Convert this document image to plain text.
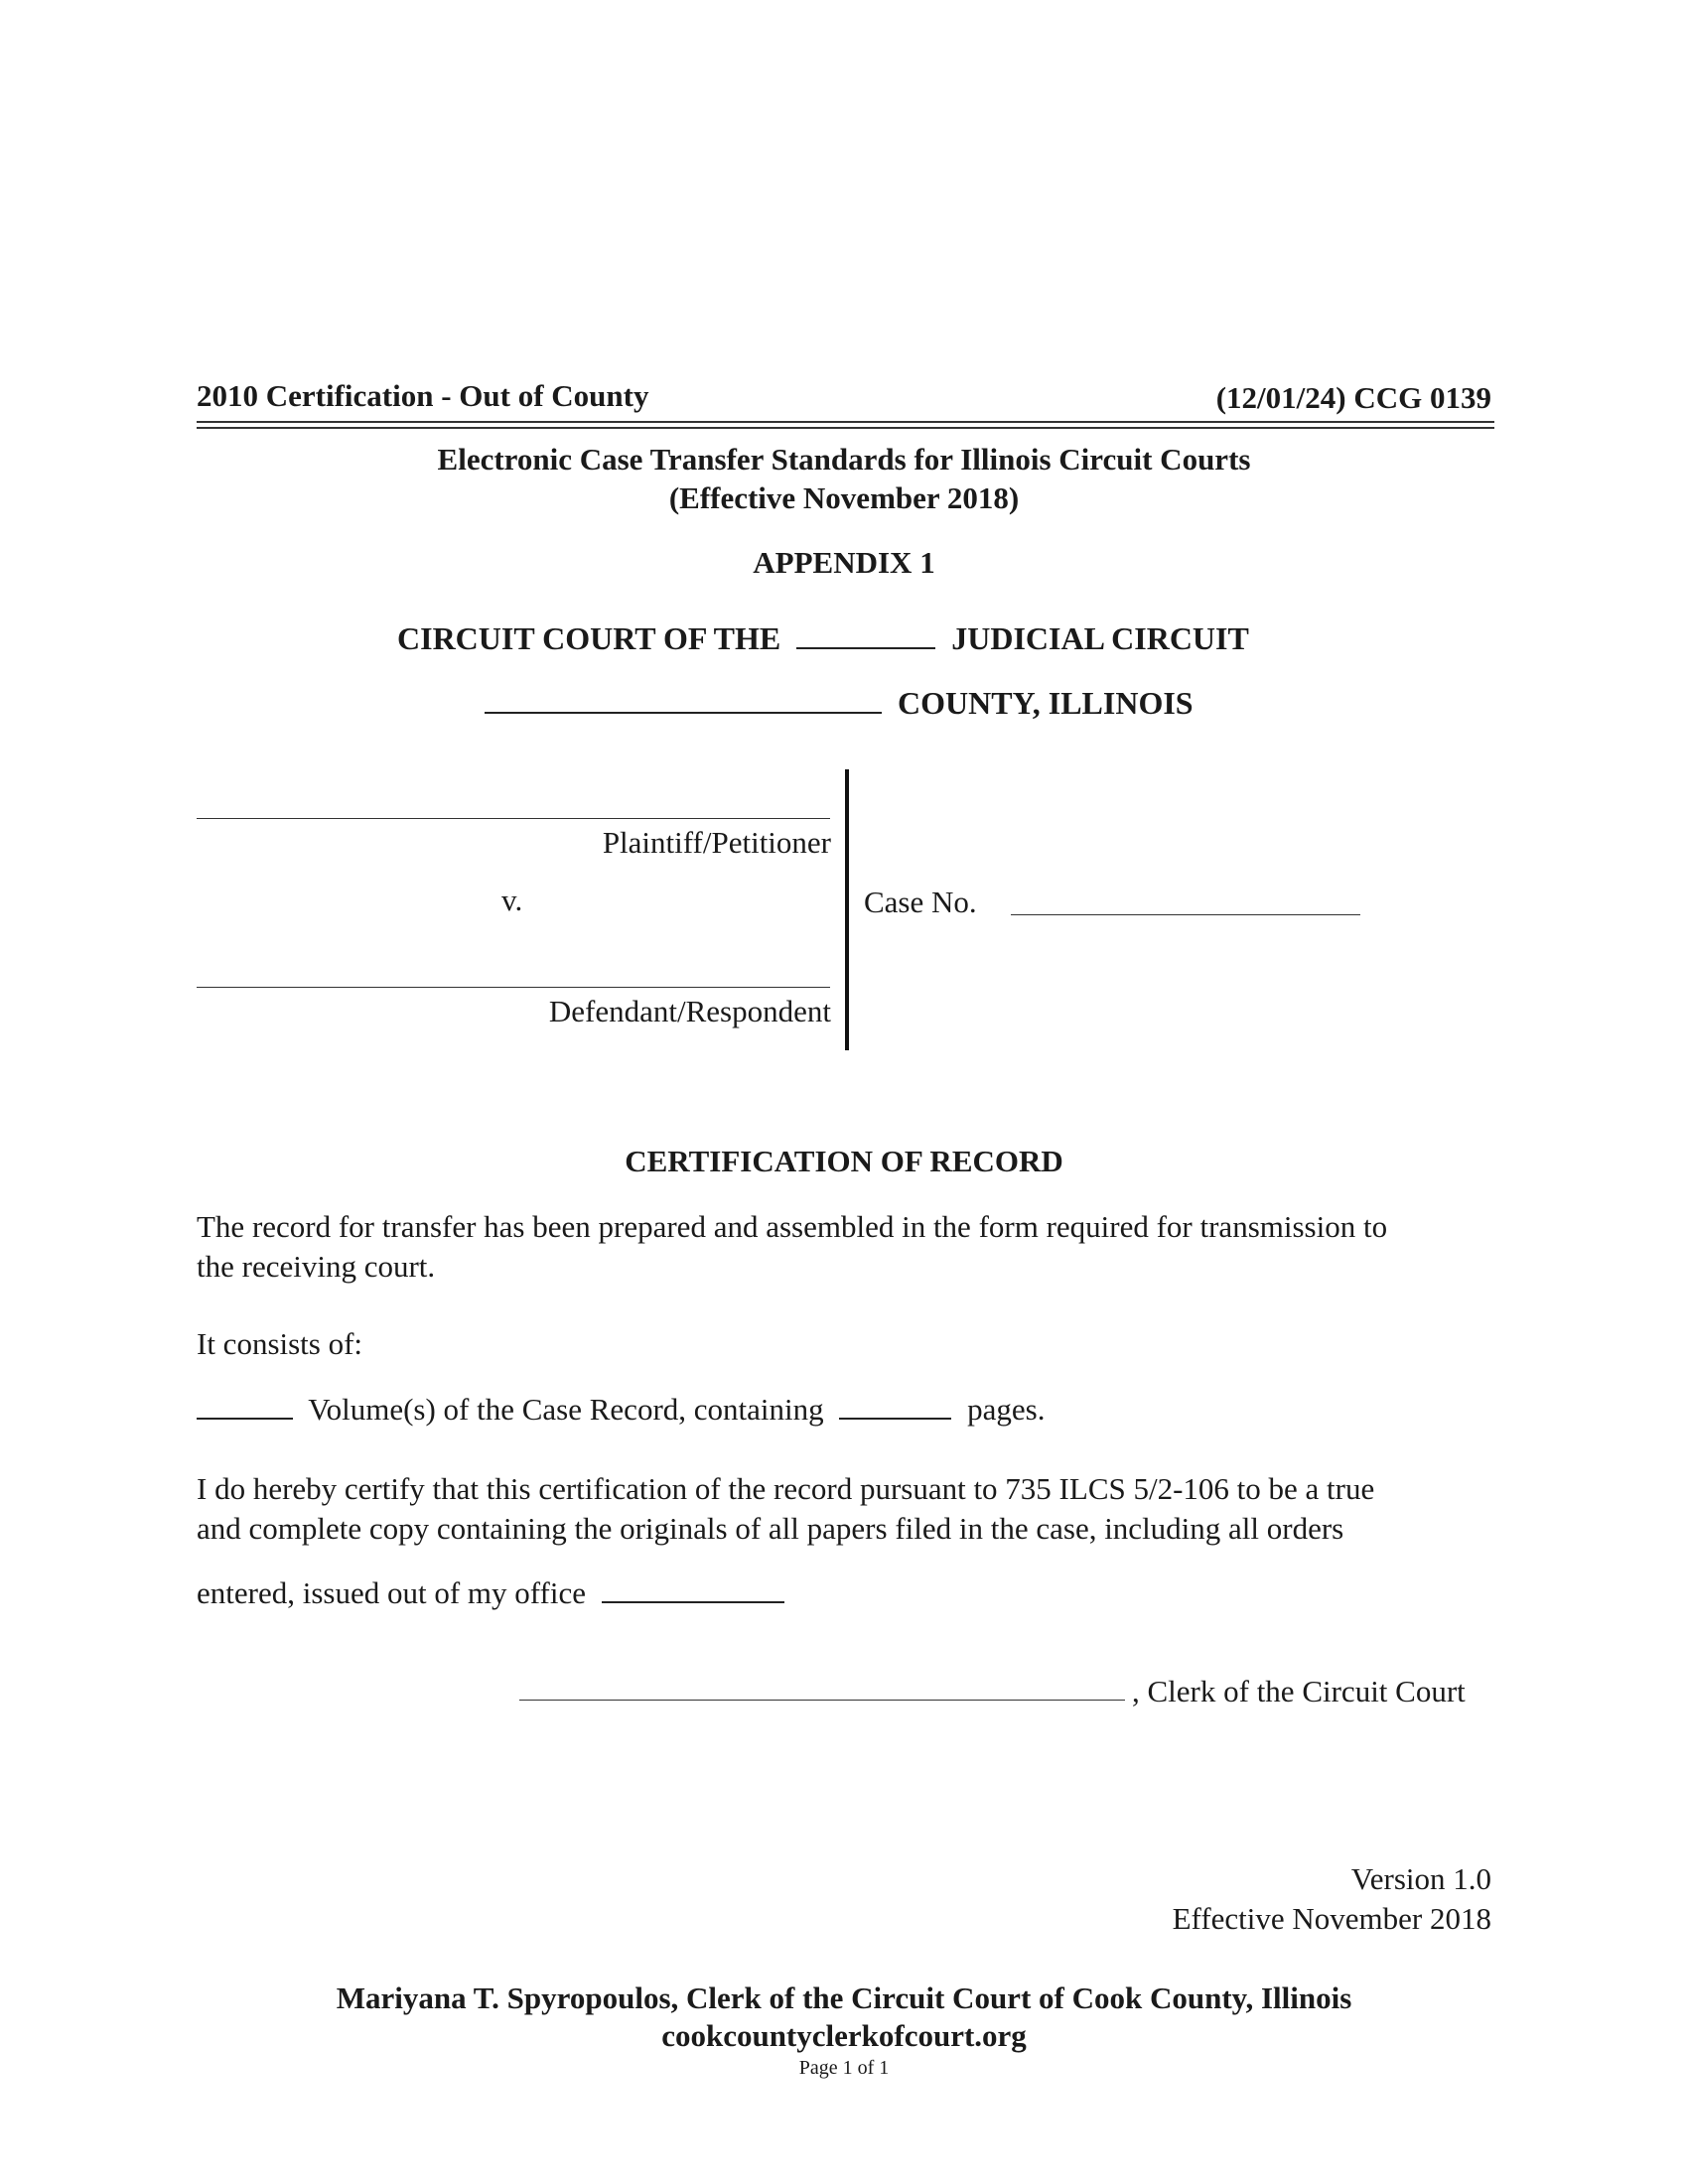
2010 Certification - Out of County	(12/01/24) CCG 0139
Electronic Case Transfer Standards for Illinois Circuit Courts
(Effective November 2018)
APPENDIX 1
CIRCUIT COURT OF THE	JUDICIAL CIRCUIT
COUNTY, ILLINOIS
Plaintiff/Petitioner
v.
Defendant/Respondent
Case No.
CERTIFICATION OF RECORD
The record for transfer has been prepared and assembled in the form required for transmission to
the receiving court.
It consists of:
Volume(s) of the Case Record, containing	pages.
I do hereby certify that this certification of the record pursuant to 735 ILCS 5/2-106 to be a true
and complete copy containing the originals of all papers filed in the case, including all orders
entered, issued out of my office
, Clerk of the Circuit Court
Version 1.0
Effective November 2018
Mariyana T. Spyropoulos, Clerk of the Circuit Court of Cook County, Illinois
cookcountyclerkofcourt.org
Page 1 of 1
